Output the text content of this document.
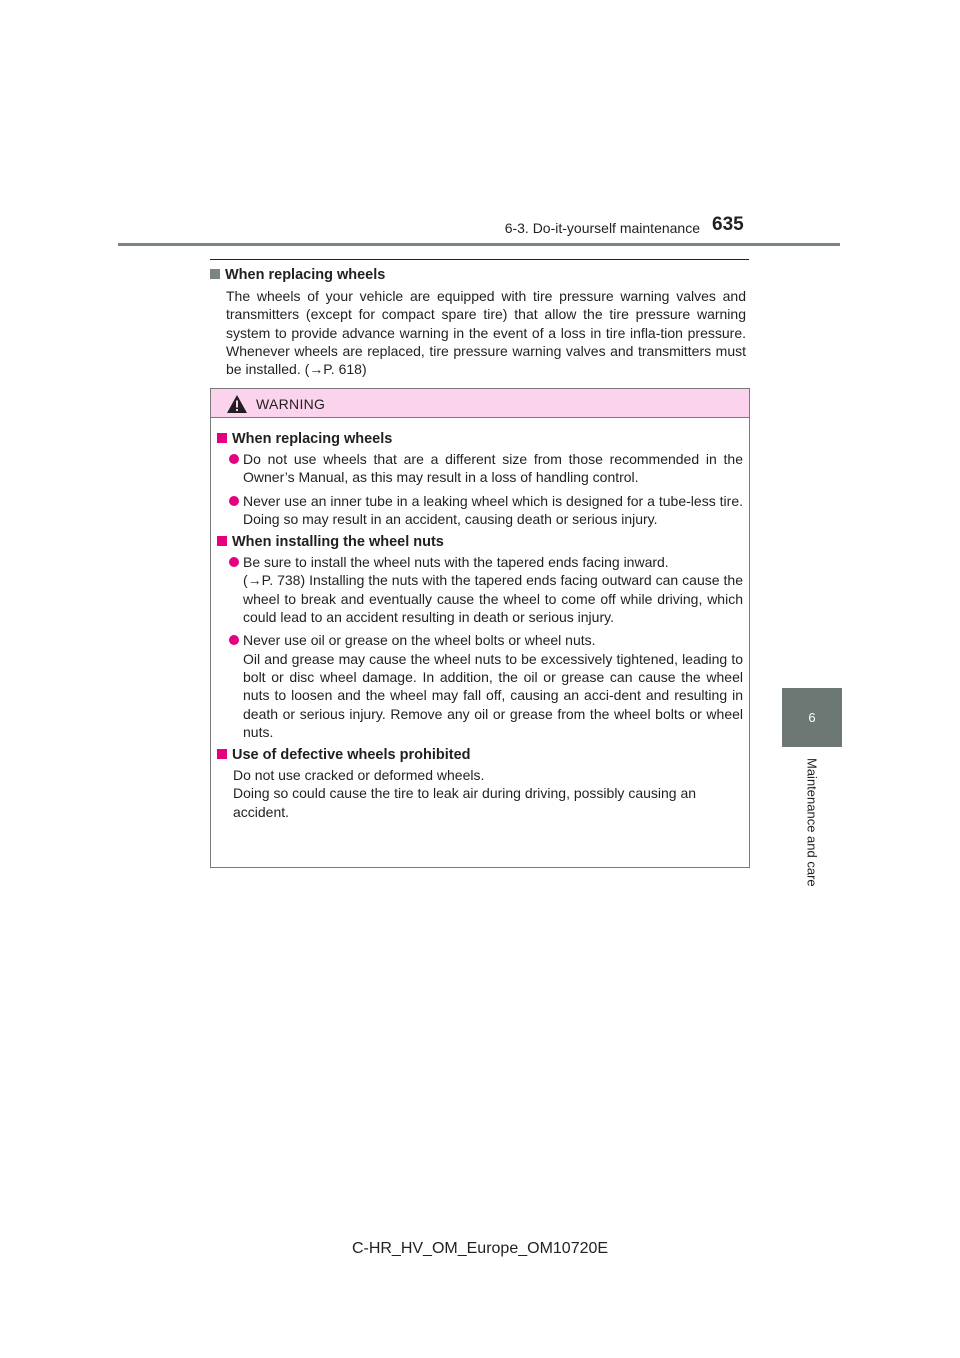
6-3. Do-it-yourself maintenance 635
6
Maintenance and care
When replacing wheels

The wheels of your vehicle are equipped with tire pressure warning valves and transmitters (except for compact spare tire) that allow the tire pressure warning system to provide advance warning in the event of a loss in tire infla-tion pressure. Whenever wheels are replaced, tire pressure warning valves and transmitters must be installed. (→P. 618)

WARNING
When replacing wheels
Do not use wheels that are a different size from those recommended in the Owner’s Manual, as this may result in a loss of handling control.
Never use an inner tube in a leaking wheel which is designed for a tube-less tire. Doing so may result in an accident, causing death or serious injury.
When installing the wheel nuts
Be sure to install the wheel nuts with the tapered ends facing inward.
(→P. 738) Installing the nuts with the tapered ends facing outward can cause the wheel to break and eventually cause the wheel to come off while driving, which could lead to an accident resulting in death or serious injury.
Never use oil or grease on the wheel bolts or wheel nuts.
Oil and grease may cause the wheel nuts to be excessively tightened, leading to bolt or disc wheel damage. In addition, the oil or grease can cause the wheel nuts to loosen and the wheel may fall off, causing an acci-dent and resulting in death or serious injury. Remove any oil or grease from the wheel bolts or wheel nuts.
Use of defective wheels prohibited
Do not use cracked or deformed wheels.
Doing so could cause the tire to leak air during driving, possibly causing an accident.
C-HR_HV_OM_Europe_OM10720E
